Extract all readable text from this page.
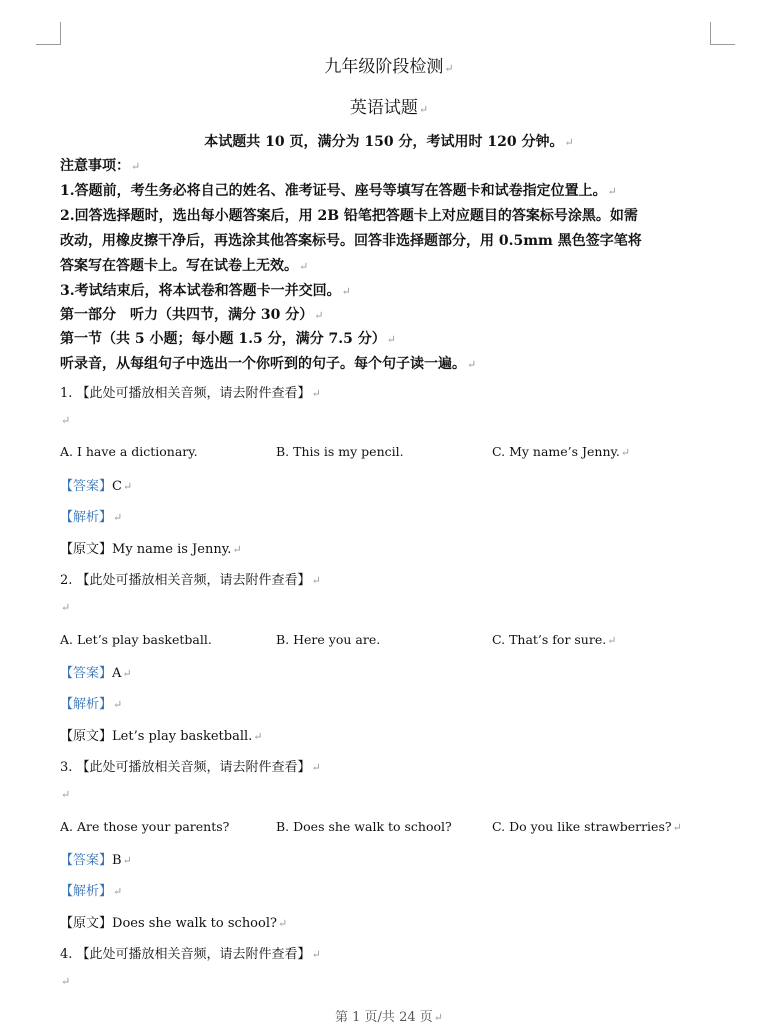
九年级阶段检测↵
英语试题↵
本试题共 10 页，满分为 150 分，考试用时 120 分钟。↵
注意事项：↵
1.答题前，考生务必将自己的姓名、准考证号、座号等填写在答题卡和试卷指定位置上。↵
2.回答选择题时，选出每小题答案后，用 2B 铅笔把答题卡上对应题目的答案标号涂黑。如需
改动，用橡皮擦干净后，再选涂其他答案标号。回答非选择题部分，用 0.5mm 黑色签字笔将
答案写在答题卡上。写在试卷上无效。↵
3.考试结束后，将本试卷和答题卡一并交回。↵
第一部分　听力（共四节，满分 30 分）↵
第一节（共 5 小题；每小题 1.5 分，满分 7.5 分）↵
听录音，从每组句子中选出一个你听到的句子。每个句子读一遍。↵
1. 【此处可播放相关音频，请去附件查看】↵
↵
A. I have a dictionary.	B. This is my pencil.	C. My name’s Jenny.↵
【答案】C↵
【解析】↵
【原文】My name is Jenny.↵
2. 【此处可播放相关音频，请去附件查看】↵
↵
A. Let’s play basketball.	B. Here you are.	C. That’s for sure.↵
【答案】A↵
【解析】↵
【原文】Let’s play basketball.↵
3. 【此处可播放相关音频，请去附件查看】↵
↵
A. Are those your parents?	B. Does she walk to school?	C. Do you like strawberries?↵
【答案】B↵
【解析】↵
【原文】Does she walk to school?↵
4. 【此处可播放相关音频，请去附件查看】↵
↵
第 1 页/共 24 页↵
